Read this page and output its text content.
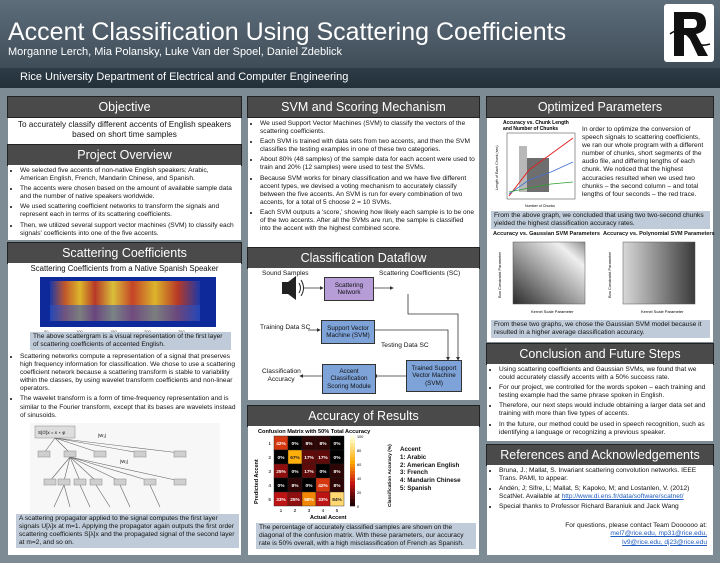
Accent Classification Using Scattering Coefficients
Morganne Lerch, Mia Polansky, Luke Van der Spoel, Daniel Zdeblick
Rice University Department of Electrical and Computer Engineering
Objective
To accurately classify different accents of English speakers based on short time samples
Project Overview
• We selected five accents of non-native English speakers: Arabic, American English, French, Mandarin Chinese, and Spanish.
• The accents were chosen based on the amount of available sample data and the number of native speakers worldwide.
• We used scattering coefficient networks to transform the signals and represent each in terms of its scattering coefficients.
• Then, we utilized several support vector machines (SVM) to classify each signals' coefficients into one of the five accents.
Scattering Coefficients
Scattering Coefficients from a Native Spanish Speaker
The above scattergram is a visual representation of the first layer of scattering coefficients of accented English.
• Scattering networks compute a representation of a signal that preserves high frequency information for classification. We chose to use a scattering coefficient network because a scattering transform is stable to variability within the classes, by using wavelet transform coefficients and non-linear operators.
• The wavelet transform is a form of time-frequency representation and is similar to the Fourier transform, except that its bases are wavelets instead of sinusoids.
S[∅]x = x ⋆ φ
|W₁|
|W₂|
A scattering propagator applied to the signal computes the first layer signals U[λ]x at m=1. Applying the propagator again outputs the first order scattering coefficients S[λ]x and the propagated signal of the second layer at m=2, and so on.
SVM and Scoring Mechanism
• We used Support Vector Machines (SVM) to classify the vectors of the scattering coefficients.
• Each SVM is trained with data sets from two accents, and then the SVM classifies the testing examples in one of these two categories.
• About 80% (48 samples) of the sample data for each accent were used to train and 20% (12 samples) were used to test the SVMs.
• Because SVM works for binary classification and we have five different accent types, we devised a voting mechanism to accurately classify between the five accents. An SVM is run for every combination of two accents, for a total of 5 choose 2 = 10 SVMs.
• Each SVM outputs a 'score,' showing how likely each sample is to be one of the two accents. After all the SVMs are run, the sample is classified into the accent with the highest combined score.
Classification Dataflow
Sound Samples
Scattering Network
Scattering Coefficients (SC)
Training Data SC	Support Vector Machine (SVM)
Testing Data SC
Trained Support Vector Machine (SVM)
Accent Classification Scoring Module
Classification Accuracy
Accuracy of Results
Confusion Matrix with 50% Total Accuracy
Actual Accent
Predicted Accent	Classification Accuracy (%)
42% 0% 8% 8% 0%
0% 67% 17% 17% 0%
25% 0% 17% 0% 8%
0% 8% 0% 42% 8%
33% 25% 58% 33% 84%
1
1
2
2
3
3
4
4
5
5
0
20
40
60
80
100
Accent
1: Arabic
2: American English
3: French
4: Mandarin Chinese
5: Spanish
The percentage of accurately classified samples are shown on the diagonal of the confusion matrix. With these parameters, our accuracy rate is 50% overall, with a high misclassification of French as Spanish.
Optimized Parameters
Accuracy vs. Chunk Length and Number of Chunks
Number of Chunks
Length of Each Chunk (sec)
In order to optimize the conversion of speech signals to scattering coefficients, we ran our whole program with a different number of chunks, short segments of the audio file, and differing lengths of each chunk. We noticed that the highest accuracies resulted when we used two chunks – the second column – and total lengths of four seconds – the red trace.
From the above graph, we concluded that using two two-second chunks yielded the highest classification accuracy rates.
Accuracy vs. Gaussian SVM Parameters Accuracy vs. Polynomial SVM Parameters
Kernel Scale Parameter	Kernel Scale Parameter
Box Constraint Parameter	Box Constraint Parameter
From these two graphs, we chose the Gaussian SVM model because it resulted in a higher average classification accuracy.
Conclusion and Future Steps
• Using scattering coefficients and Gaussian SVMs, we found that we could accurately classify accents with a 50% success rate.
• For our project, we controlled for the words spoken – each training and testing example had the same phrase spoken in English.
• Therefore, our next steps would include obtaining a larger data set and training with more than five types of accents.
• In the future, our method could be used in speech recognition, such as identifying a language or recognizing a previous speaker.
References and Acknowledgements
• Bruna, J.; Mallat, S. Invariant scattering convolution networks. IEEE Trans. PAMI, to appear.
• Andén, J; Sifre, L; Mallat, S; Kapoko, M; and Lostanlen, V. (2012) ScatNet. Available at http://www.di.ens.fr/data/software/scatnet/
• Special thanks to Professor Richard Baraniuk and Jack Wang
For questions, please contact Team Doooooo at:
mel7@rice.edu, mp31@rice.edu,
lv9@rice.edu, dj23@rice.edu
